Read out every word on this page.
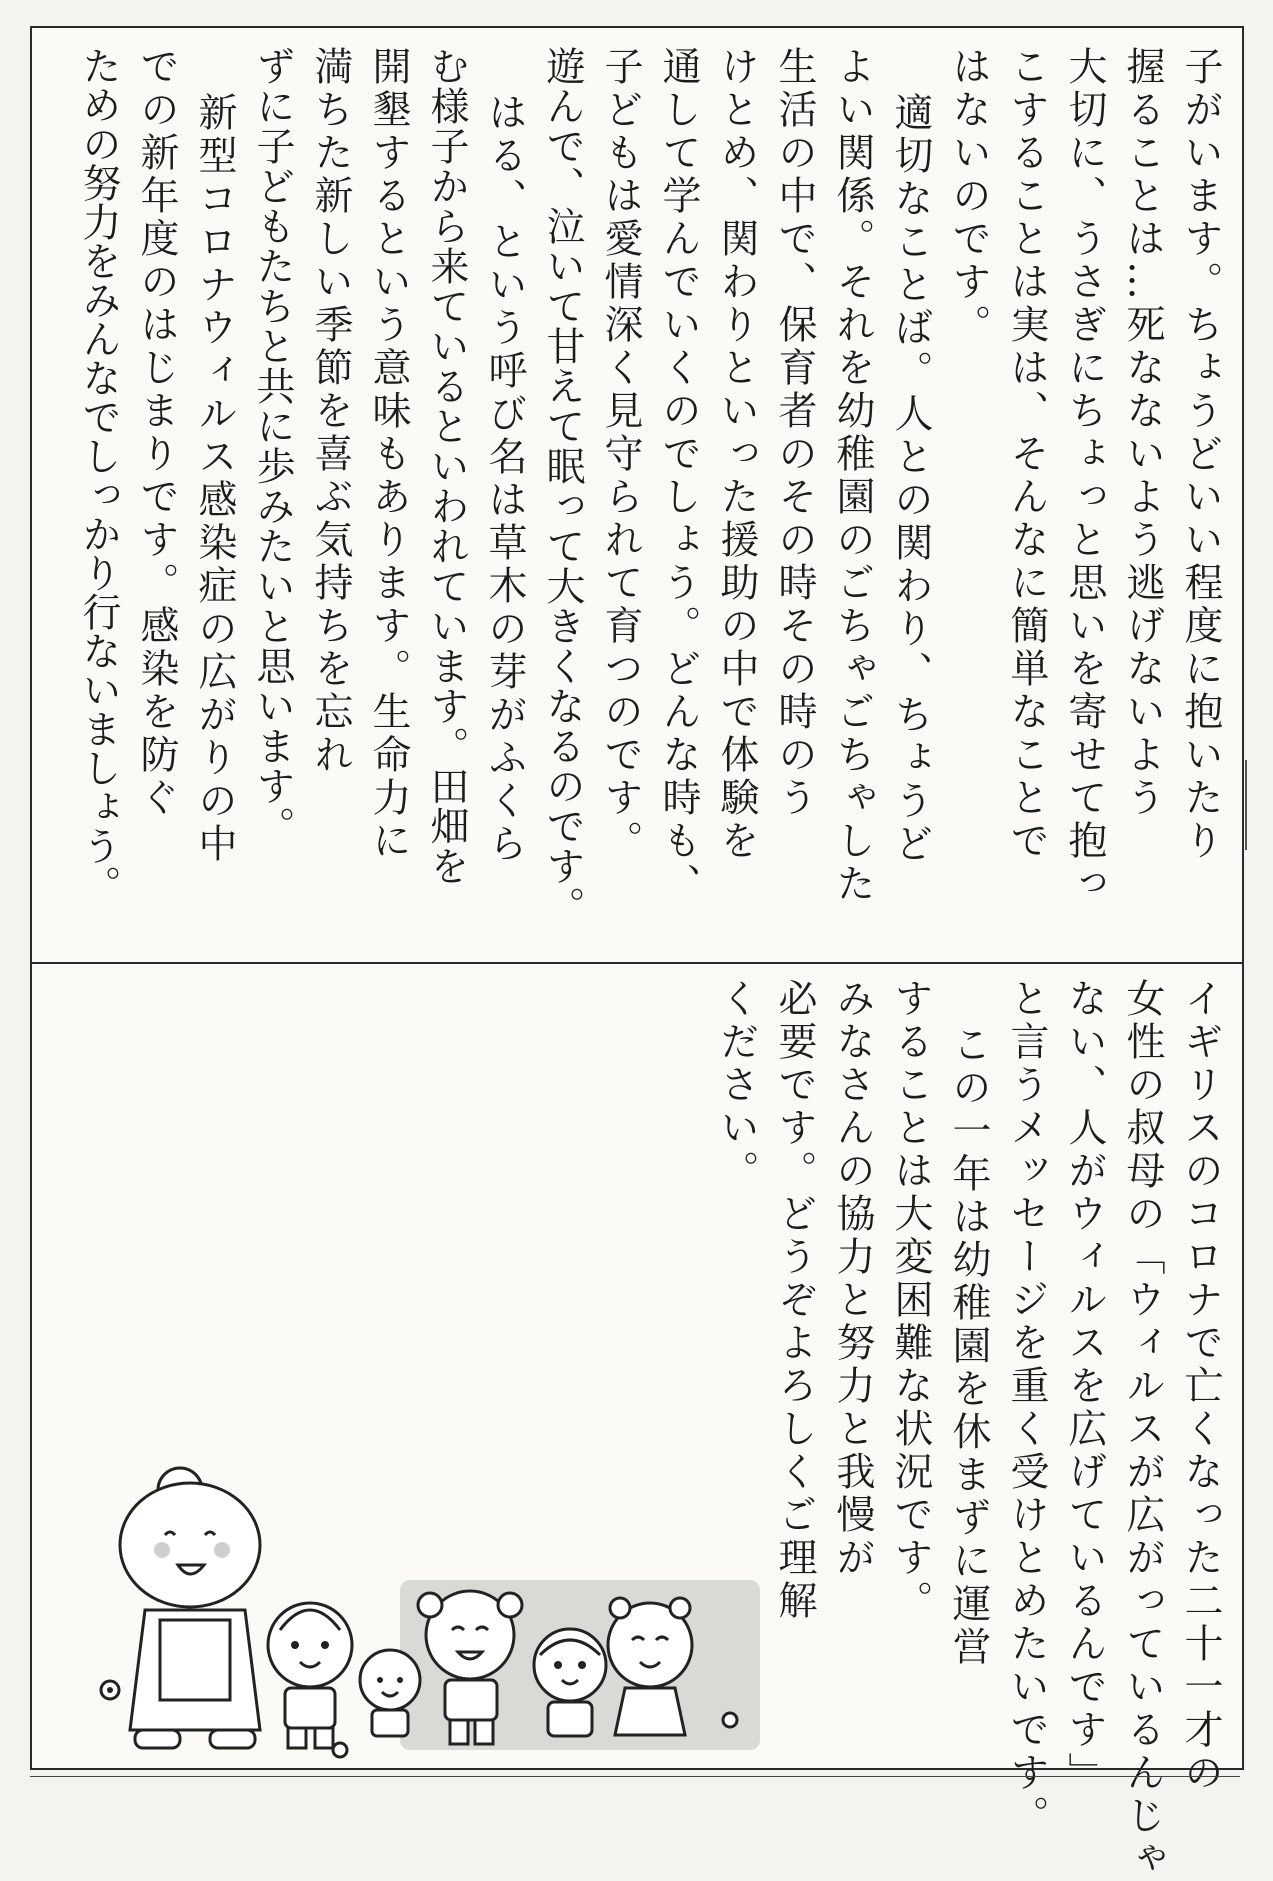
子がいます。ちょうどいい程度に抱いたり
握ることは…死なないよう逃げないよう
大切に、うさぎにちょっと思いを寄せて抱っ
こすることは実は、そんなに簡単なことで
はないのです。
適切なことば。人との関わり、ちょうど
よい関係。それを幼稚園のごちゃごちゃした
生活の中で、保育者のその時その時のう
けとめ、関わりといった援助の中で体験を
通して学んでいくのでしょう。どんな時も、
子どもは愛情深く見守られて育つのです。
遊んで、泣いて甘えて眠って大きくなるのです。
はる、という呼び名は草木の芽がふくら
む様子から来ているといわれています。田畑を
開墾するという意味もあります。生命力に
満ちた新しい季節を喜ぶ気持ちを忘れ
ずに子どもたちと共に歩みたいと思います。
新型コロナウィルス感染症の広がりの中
での新年度のはじまりです。感染を防ぐ
ための努力をみんなでしっかり行ないましょう。
イギリスのコロナで亡くなった二十一才の
女性の叔母の「ウィルスが広がっているんじゃ
ない、人がウィルスを広げているんです」
と言うメッセージを重く受けとめたいです。
この一年は幼稚園を休まずに運営
することは大変困難な状況です。
みなさんの協力と努力と我慢が
必要です。どうぞよろしくご理解
ください。
